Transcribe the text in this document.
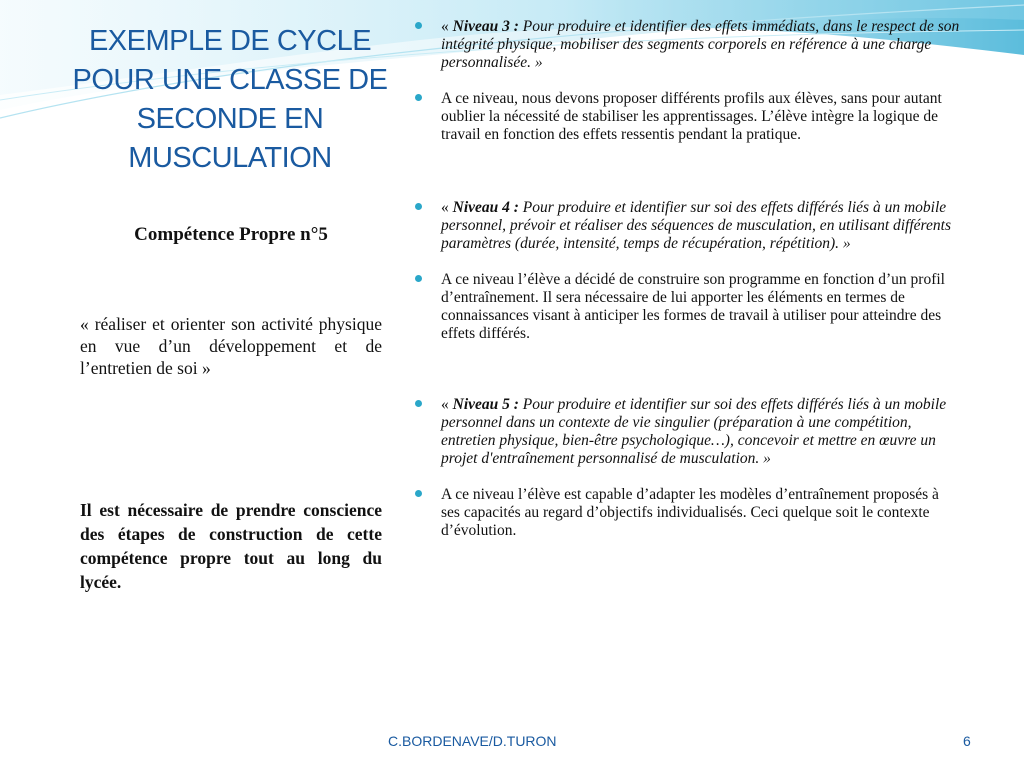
EXEMPLE DE CYCLE POUR UNE CLASSE DE SECONDE EN MUSCULATION
Compétence Propre n°5
« réaliser et orienter son activité physique en vue d’un développement et de l’entretien de soi »
Il est nécessaire de prendre conscience des étapes de construction de cette compétence propre tout au long du lycée.
« Niveau 3 : Pour produire et identifier des effets immédiats, dans le respect de son intégrité physique, mobiliser des segments corporels en référence à une charge personnalisée. »
A ce niveau, nous devons proposer différents profils aux élèves, sans pour autant oublier la nécessité de stabiliser les apprentissages. L’élève intègre la logique de travail en fonction des effets ressentis pendant la pratique.
« Niveau 4 : Pour produire et identifier sur soi des effets différés liés à un mobile personnel, prévoir et réaliser des séquences de musculation, en utilisant différents paramètres (durée, intensité, temps de récupération, répétition). »
A ce niveau l’élève a décidé de construire son programme en fonction d’un profil d’entraînement. Il sera nécessaire de lui apporter les éléments en termes de connaissances visant à anticiper les formes de travail à utiliser pour atteindre des effets différés.
« Niveau 5 : Pour produire et identifier sur soi des effets différés liés à un mobile personnel dans un contexte de vie singulier (préparation à une compétition, entretien physique, bien-être psychologique…), concevoir et mettre en œuvre un projet d'entraînement personnalisé de musculation. »
A ce niveau l’élève est capable d’adapter les modèles d’entraînement proposés à ses capacités au regard d’objectifs individualisés. Ceci quelque soit le contexte d’évolution.
C.BORDENAVE/D.TURON	6
